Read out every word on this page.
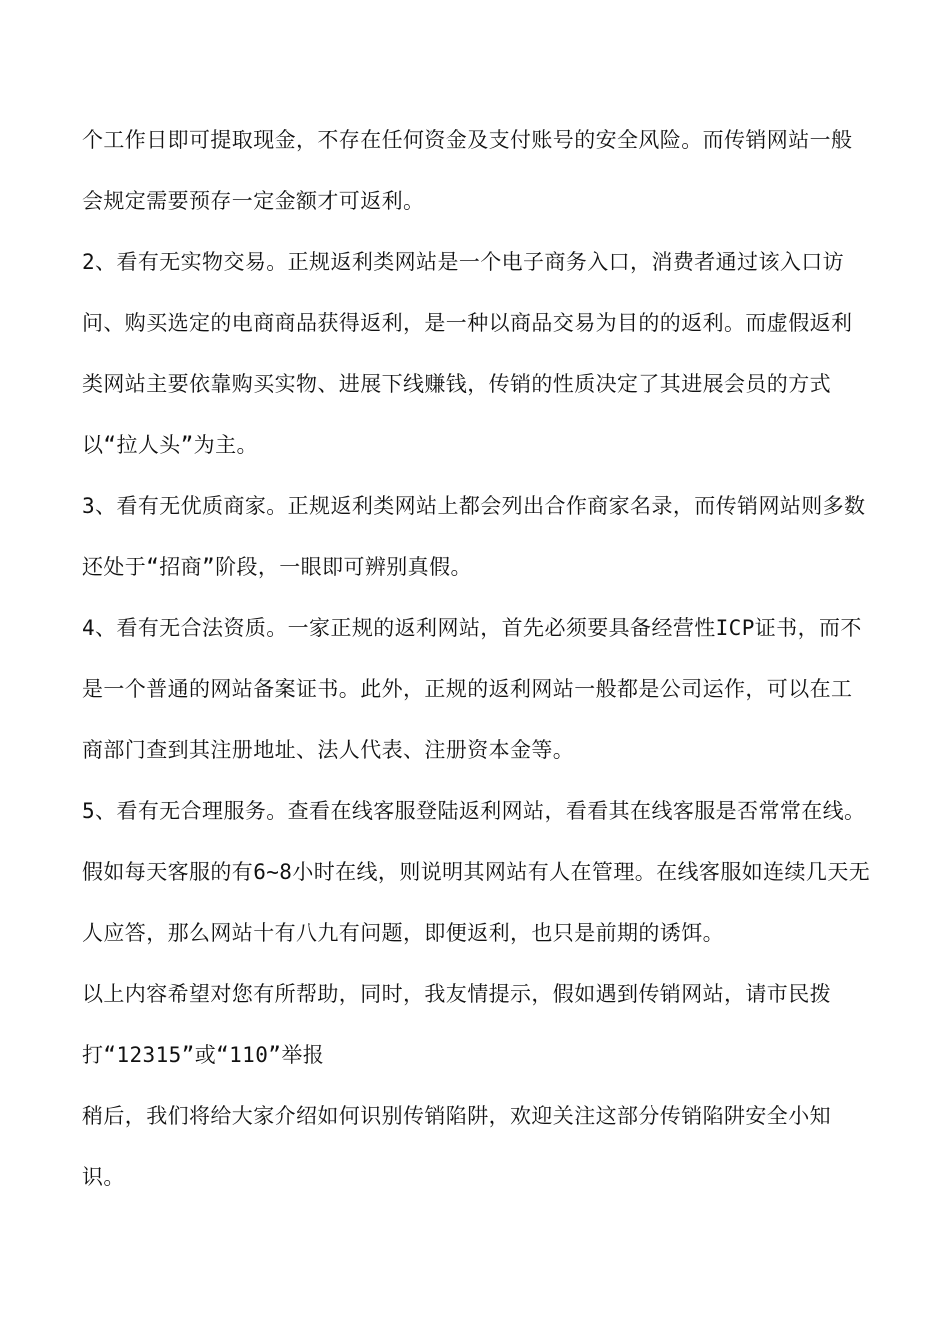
个工作日即可提取现金，不存在任何资金及支付账号的安全风险。而传销网站一般会规定需要预存一定金额才可返利。

2、看有无实物交易。正规返利类网站是一个电子商务入口，消费者通过该入口访问、购买选定的电商商品获得返利，是一种以商品交易为目的的返利。而虚假返利类网站主要依靠购买实物、进展下线赚钱，传销的性质决定了其进展会员的方式以“拉人头”为主。

3、看有无优质商家。正规返利类网站上都会列出合作商家名录，而传销网站则多数还处于“招商”阶段，一眼即可辨别真假。

4、看有无合法资质。一家正规的返利网站，首先必须要具备经营性ICP证书，而不是一个普通的网站备案证书。此外，正规的返利网站一般都是公司运作，可以在工商部门查到其注册地址、法人代表、注册资本金等。

5、看有无合理服务。查看在线客服登陆返利网站，看看其在线客服是否常常在线。假如每天客服的有6~8小时在线，则说明其网站有人在管理。在线客服如连续几天无人应答，那么网站十有八九有问题，即便返利，也只是前期的诱饵。

以上内容希望对您有所帮助，同时，我友情提示，假如遇到传销网站，请市民拨打“12315”或“110”举报

稍后，我们将给大家介绍如何识别传销陷阱，欢迎关注这部分传销陷阱安全小知识。
